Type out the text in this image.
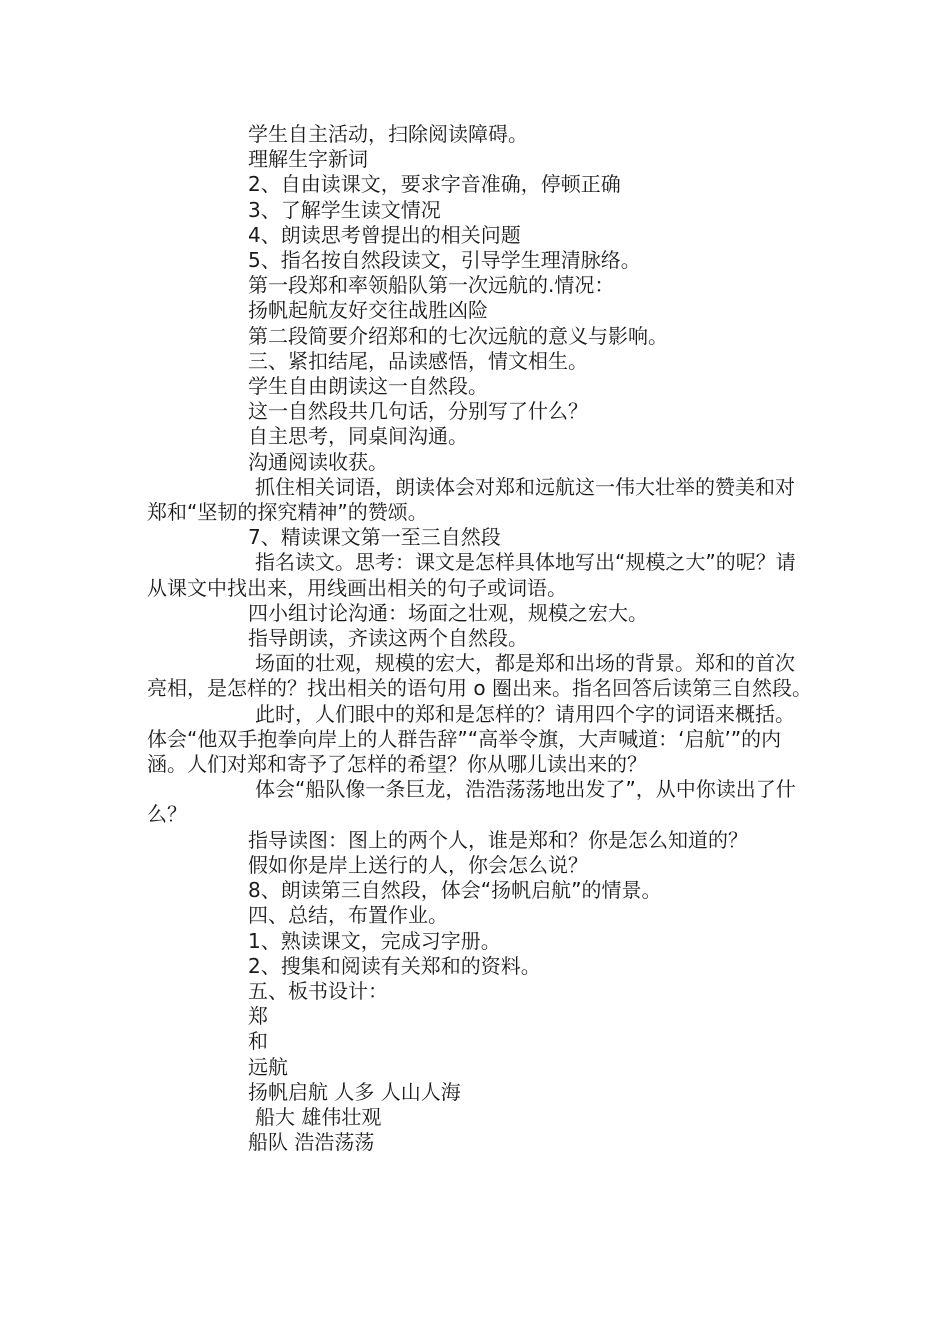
学生自主活动，扫除阅读障碍。

理解生字新词

2、自由读课文，要求字音准确，停顿正确

3、了解学生读文情况

4、朗读思考曾提出的相关问题

5、指名按自然段读文，引导学生理清脉络。

第一段郑和率领船队第一次远航的.情况：

扬帆起航友好交往战胜凶险

第二段简要介绍郑和的七次远航的意义与影响。

三、紧扣结尾，品读感悟，情文相生。

学生自由朗读这一自然段。

这一自然段共几句话，分别写了什么？

自主思考，同桌间沟通。

沟通阅读收获。

抓住相关词语，朗读体会对郑和远航这一伟大壮举的赞美和对郑和“坚韧的探究精神”的赞颂。

7、精读课文第一至三自然段

指名读文。思考：课文是怎样具体地写出“规模之大”的呢？请从课文中找出来，用线画出相关的句子或词语。

四小组讨论沟通：场面之壮观，规模之宏大。

指导朗读，齐读这两个自然段。

场面的壮观，规模的宏大，都是郑和出场的背景。郑和的首次亮相，是怎样的？找出相关的语句用 o 圈出来。指名回答后读第三自然段。

此时，人们眼中的郑和是怎样的？请用四个字的词语来概括。体会“他双手抱拳向岸上的人群告辞”“高举令旗，大声喊道：‘启航’”的内涵。人们对郑和寄予了怎样的希望？你从哪儿读出来的？

体会“船队像一条巨龙，浩浩荡荡地出发了”，从中你读出了什么？

指导读图：图上的两个人，谁是郑和？你是怎么知道的？

假如你是岸上送行的人，你会怎么说？

8、朗读第三自然段，体会“扬帆启航”的情景。

四、总结，布置作业。

1、熟读课文，完成习字册。

2、搜集和阅读有关郑和的资料。

五、板书设计：

郑

和

远航

扬帆启航 人多 人山人海

船大 雄伟壮观

船队 浩浩荡荡
